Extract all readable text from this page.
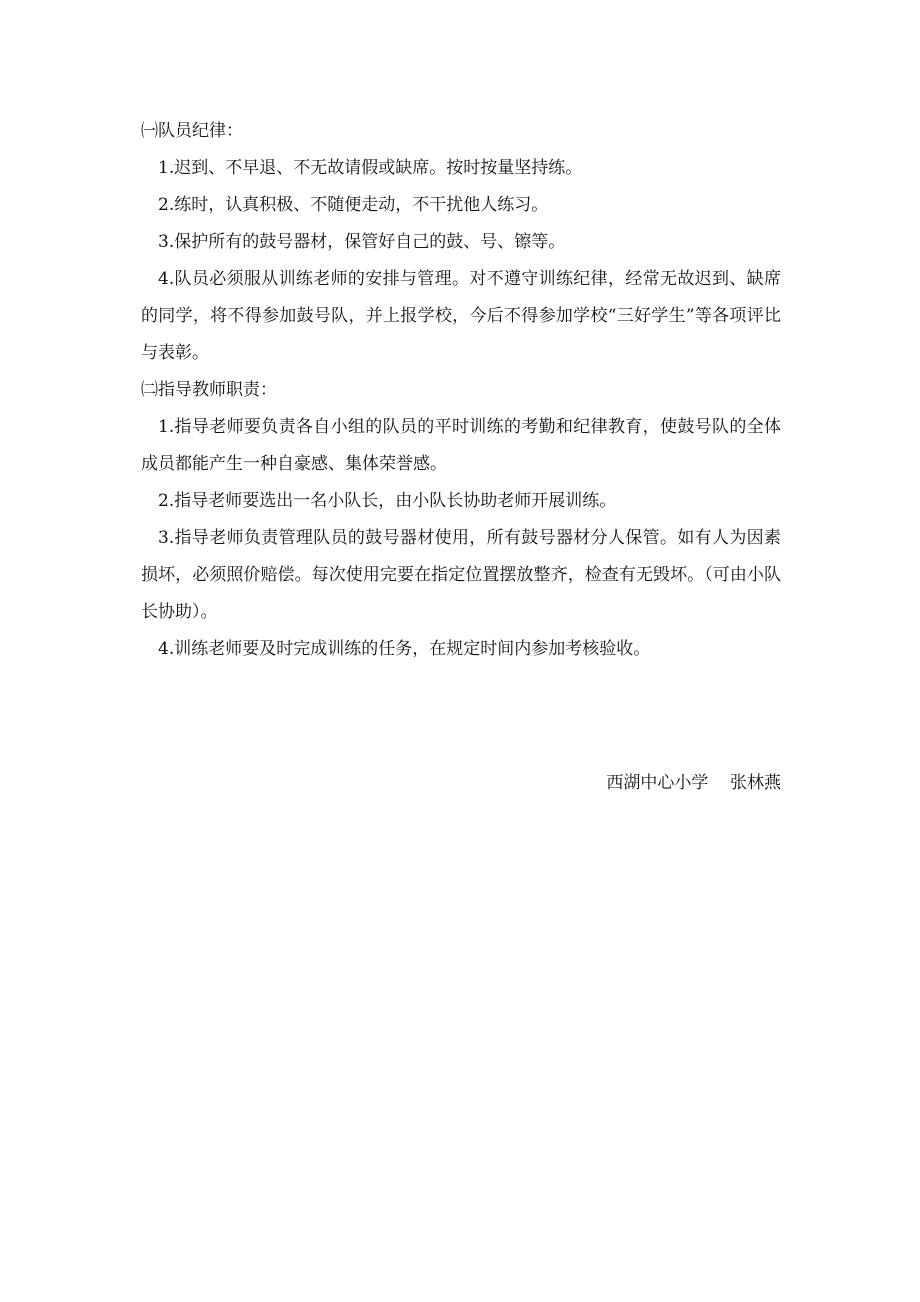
㈠队员纪律：

1.迟到、不早退、不无故请假或缺席。按时按量坚持练。

2.练时，认真积极、不随便走动，不干扰他人练习。

3.保护所有的鼓号器材，保管好自己的鼓、号、镲等。

4.队员必须服从训练老师的安排与管理。对不遵守训练纪律，经常无故迟到、缺席的同学，将不得参加鼓号队，并上报学校，今后不得参加学校“三好学生”等各项评比与表彰。

㈡指导教师职责：

1.指导老师要负责各自小组的队员的平时训练的考勤和纪律教育，使鼓号队的全体成员都能产生一种自豪感、集体荣誉感。

2.指导老师要选出一名小队长，由小队长协助老师开展训练。

3.指导老师负责管理队员的鼓号器材使用，所有鼓号器材分人保管。如有人为因素损坏，必须照价赔偿。每次使用完要在指定位置摆放整齐，检查有无毁坏。（可由小队长协助）。

4.训练老师要及时完成训练的任务，在规定时间内参加考核验收。

西湖中心小学    张林燕
